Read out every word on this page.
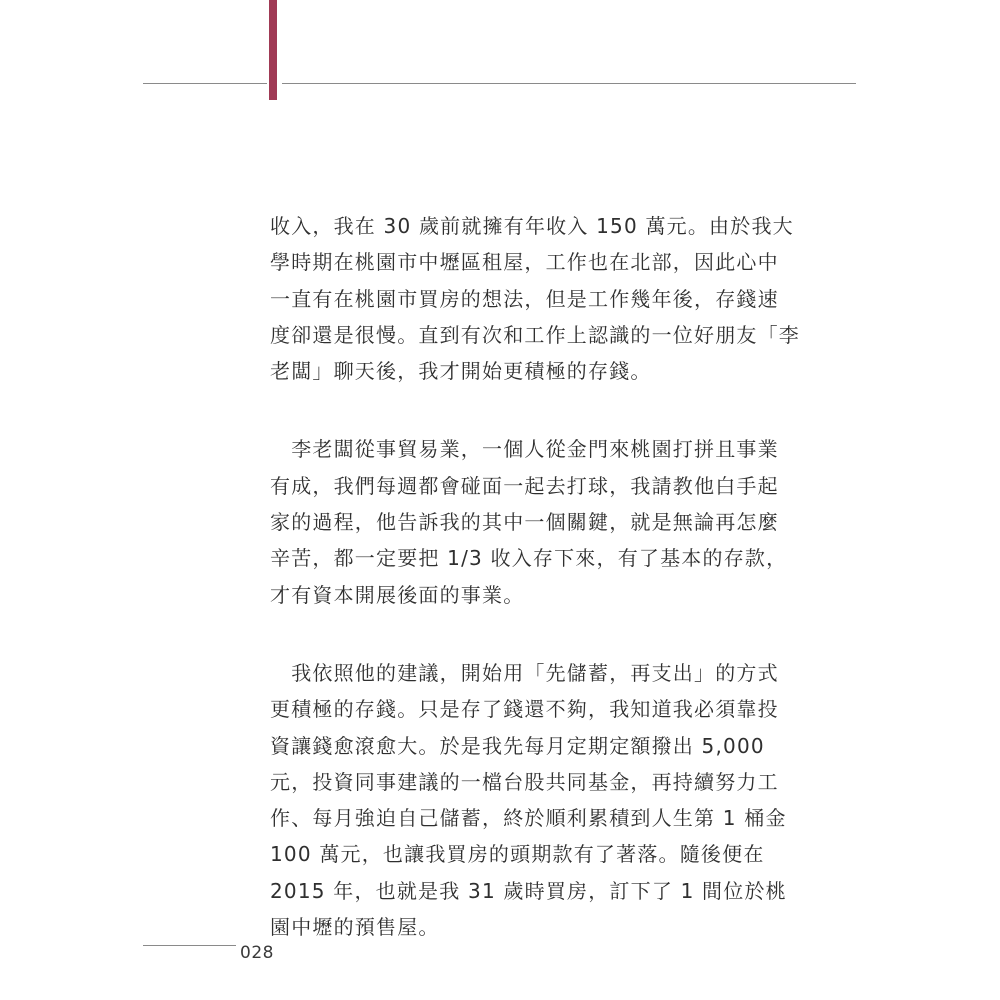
收入，我在 30 歲前就擁有年收入 150 萬元。由於我大
學時期在桃園市中壢區租屋，工作也在北部，因此心中
一直有在桃園市買房的想法，但是工作幾年後，存錢速
度卻還是很慢。直到有次和工作上認識的一位好朋友「李
老闆」聊天後，我才開始更積極的存錢。

　李老闆從事貿易業，一個人從金門來桃園打拼且事業
有成，我們每週都會碰面一起去打球，我請教他白手起
家的過程，他告訴我的其中一個關鍵，就是無論再怎麼
辛苦，都一定要把 1/3 收入存下來，有了基本的存款，
才有資本開展後面的事業。

　我依照他的建議，開始用「先儲蓄，再支出」的方式
更積極的存錢。只是存了錢還不夠，我知道我必須靠投
資讓錢愈滾愈大。於是我先每月定期定額撥出 5,000
元，投資同事建議的一檔台股共同基金，再持續努力工
作、每月強迫自己儲蓄，終於順利累積到人生第 1 桶金
100 萬元，也讓我買房的頭期款有了著落。隨後便在
2015 年，也就是我 31 歲時買房，訂下了 1 間位於桃
園中壢的預售屋。

028
